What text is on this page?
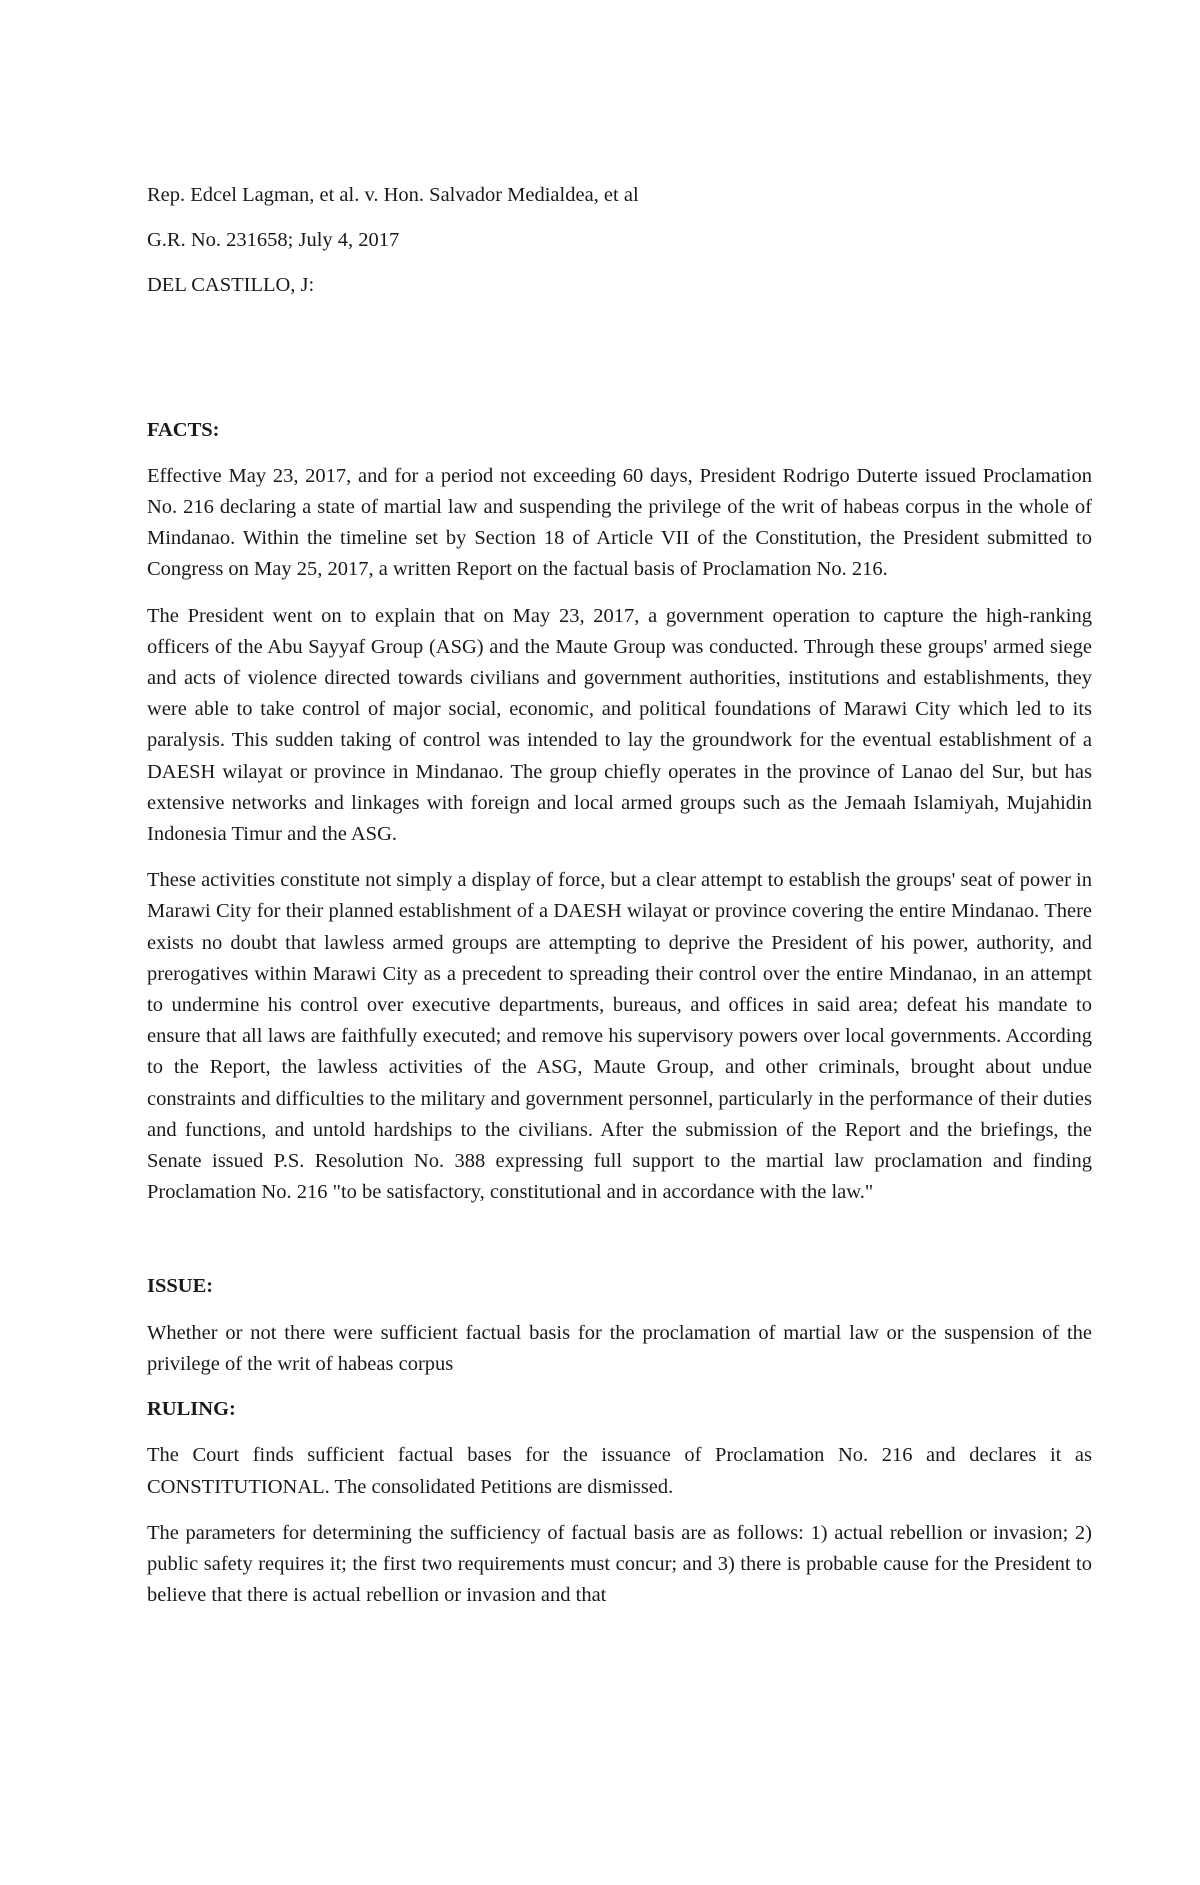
Rep. Edcel Lagman, et al. v. Hon. Salvador Medialdea, et al

G.R. No. 231658; July 4, 2017

DEL CASTILLO, J:

FACTS:

Effective May 23, 2017, and for a period not exceeding 60 days, President Rodrigo Duterte issued Proclamation No. 216 declaring a state of martial law and suspending the privilege of the writ of habeas corpus in the whole of Mindanao. Within the timeline set by Section 18 of Article VII of the Constitution, the President submitted to Congress on May 25, 2017, a written Report on the factual basis of Proclamation No. 216.

The President went on to explain that on May 23, 2017, a government operation to capture the high-ranking officers of the Abu Sayyaf Group (ASG) and the Maute Group was conducted. Through these groups' armed siege and acts of violence directed towards civilians and government authorities, institutions and establishments, they were able to take control of major social, economic, and political foundations of Marawi City which led to its paralysis. This sudden taking of control was intended to lay the groundwork for the eventual establishment of a DAESH wilayat or province in Mindanao. The group chiefly operates in the province of Lanao del Sur, but has extensive networks and linkages with foreign and local armed groups such as the Jemaah Islamiyah, Mujahidin Indonesia Timur and the ASG.

These activities constitute not simply a display of force, but a clear attempt to establish the groups' seat of power in Marawi City for their planned establishment of a DAESH wilayat or province covering the entire Mindanao. There exists no doubt that lawless armed groups are attempting to deprive the President of his power, authority, and prerogatives within Marawi City as a precedent to spreading their control over the entire Mindanao, in an attempt to undermine his control over executive departments, bureaus, and offices in said area; defeat his mandate to ensure that all laws are faithfully executed; and remove his supervisory powers over local governments. According to the Report, the lawless activities of the ASG, Maute Group, and other criminals, brought about undue constraints and difficulties to the military and government personnel, particularly in the performance of their duties and functions, and untold hardships to the civilians. After the submission of the Report and the briefings, the Senate issued P.S. Resolution No. 388 expressing full support to the martial law proclamation and finding Proclamation No. 216 "to be satisfactory, constitutional and in accordance with the law."

ISSUE:

Whether or not there were sufficient factual basis for the proclamation of martial law or the suspension of the privilege of the writ of habeas corpus

RULING:

The Court finds sufficient factual bases for the issuance of Proclamation No. 216 and declares it as CONSTITUTIONAL. The consolidated Petitions are dismissed.

The parameters for determining the sufficiency of factual basis are as follows: 1) actual rebellion or invasion; 2) public safety requires it; the first two requirements must concur; and 3) there is probable cause for the President to believe that there is actual rebellion or invasion and that
